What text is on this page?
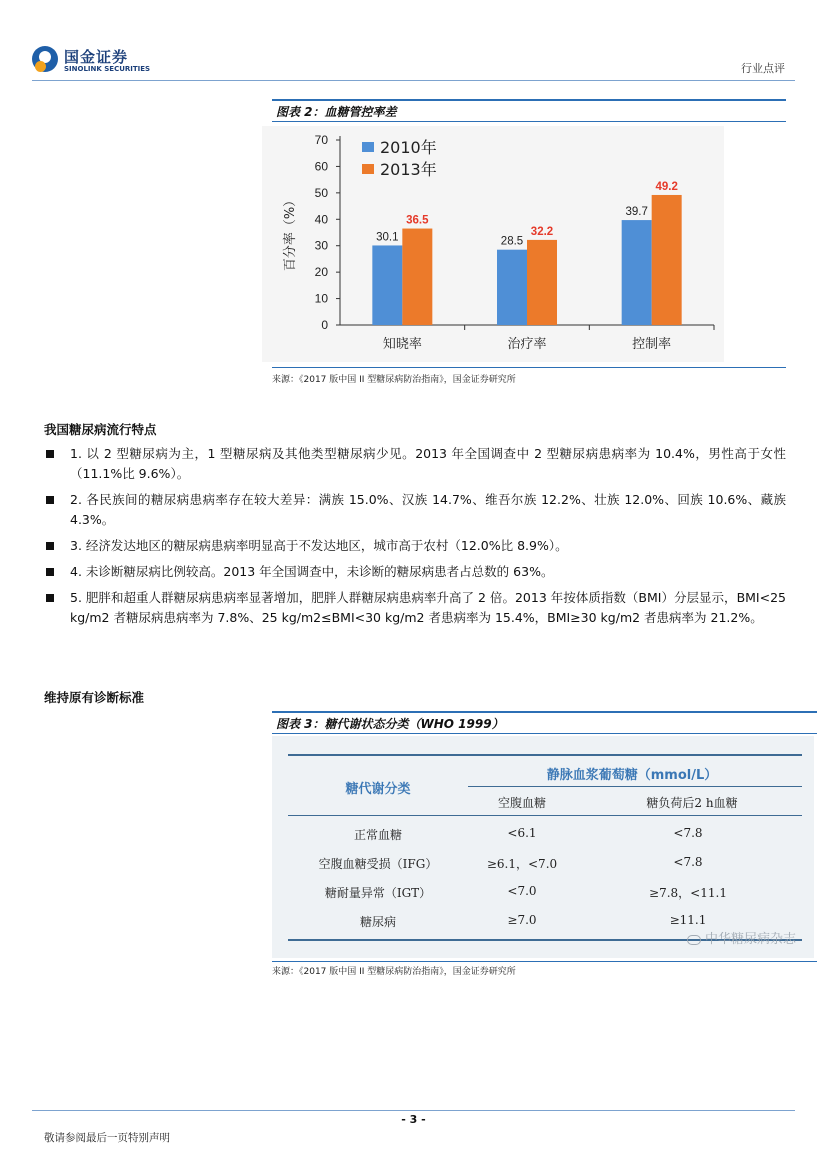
国金证券
SINOLINK SECURITIES	行业点评
图表 2：血糖管控率差
0
10
20
30
40
50
60
70
百分率（%）
知晓率
30.1
36.5
治疗率
28.5
32.2
控制率
39.7
49.2
2010年
2013年
来源：《2017 版中国 II 型糖尿病防治指南》，国金证券研究所
我国糖尿病流行特点
1. 以 2 型糖尿病为主，1 型糖尿病及其他类型糖尿病少见。2013 年全国调查中 2 型糖尿病患病率为 10.4%，男性高于女性（11.1%比 9.6%）。
2. 各民族间的糖尿病患病率存在较大差异：满族 15.0%、汉族 14.7%、维吾尔族 12.2%、壮族 12.0%、回族 10.6%、藏族 4.3%。
3. 经济发达地区的糖尿病患病率明显高于不发达地区，城市高于农村（12.0%比 8.9%）。
4. 未诊断糖尿病比例较高。2013 年全国调查中，未诊断的糖尿病患者占总数的 63%。
5. 肥胖和超重人群糖尿病患病率显著增加，肥胖人群糖尿病患病率升高了 2 倍。2013 年按体质指数（BMI）分层显示，BMI<25 kg/m2 者糖尿病患病率为 7.8%、25 kg/m2≤BMI<30 kg/m2 者患病率为 15.4%，BMI≥30 kg/m2 者患病率为 21.2%。
维持原有诊断标准
图表 3：糖代谢状态分类（WHO 1999）
静脉血浆葡萄糖（mmol/L）
糖代谢分类
空腹血糖	糖负荷后2 h血糖
正常血糖	<6.1	<7.8
空腹血糖受损（IFG）	≥6.1，<7.0	<7.8
糖耐量异常（IGT）	<7.0	≥7.8，<11.1
糖尿病	≥7.0	≥11.1
中华糖尿病杂志
来源：《2017 版中国 II 型糖尿病防治指南》，国金证券研究所
- 3 -
敬请参阅最后一页特别声明
